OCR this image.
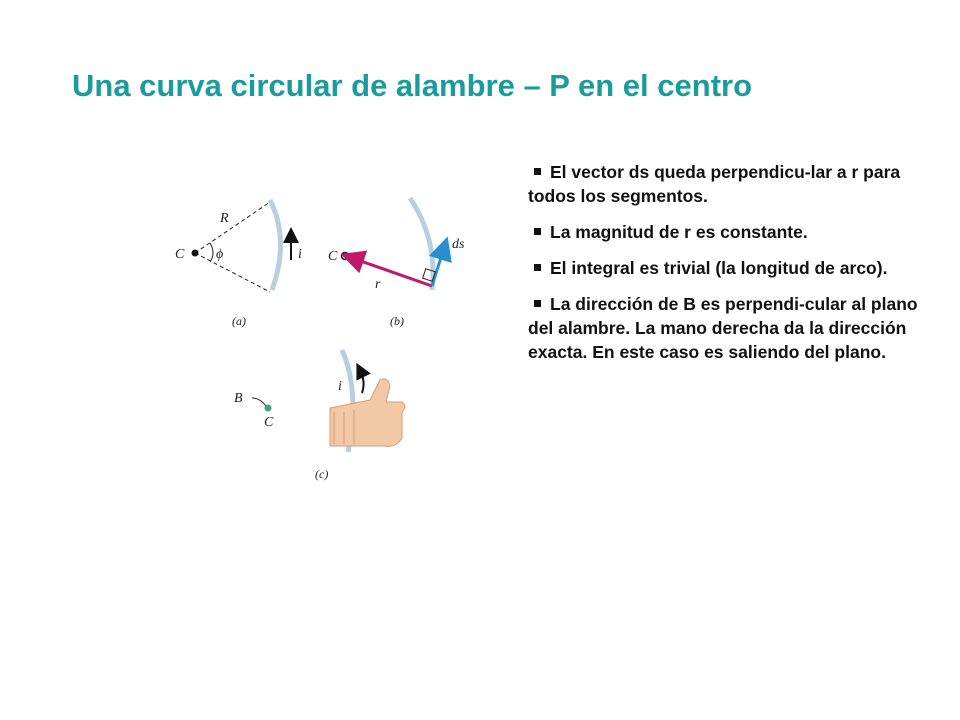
Una curva circular de alambre – P en el centro
El vector ds queda perpendicu-lar a r para todos los segmentos.
La magnitud de r es constante.
El integral es trivial (la longitud de arco).
La dirección de B es perpendi-cular al plano del alambre. La mano derecha da la dirección exacta. En este caso es saliendo del plano.
C
R
ϕ	i
(a)
C
r
ds
(b)
B
C
i
(c)
